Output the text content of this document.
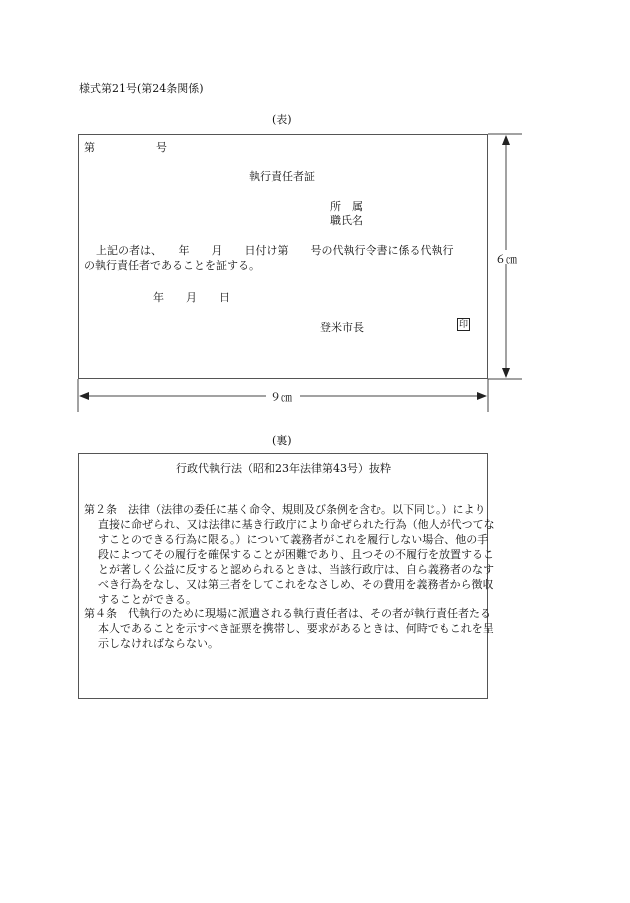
様式第21号(第24条関係)
(表)
第	号
執行責任者証
所　属
職氏名
上記の者は、　　年　　月　　日付け第　　号の代執行令書に係る代執行
の執行責任者であることを証する。
年　　月　　日
登米市長	印
６㎝
９㎝
(裏)
行政代執行法（昭和23年法律第43号）抜粋
第２条　法律（法律の委任に基く命令、規則及び条例を含む。以下同じ。）により直接に命ぜられ、又は法律に基き行政庁により命ぜられた行為（他人が代つてなすことのできる行為に限る。）について義務者がこれを履行しない場合、他の手段によつてその履行を確保することが困難であり、且つその不履行を放置することが著しく公益に反すると認められるときは、当該行政庁は、自ら義務者のなすべき行為をなし、又は第三者をしてこれをなさしめ、その費用を義務者から徴収することができる。
第４条　代執行のために現場に派遣される執行責任者は、その者が執行責任者たる本人であることを示すべき証票を携帯し、要求があるときは、何時でもこれを呈示しなければならない。
